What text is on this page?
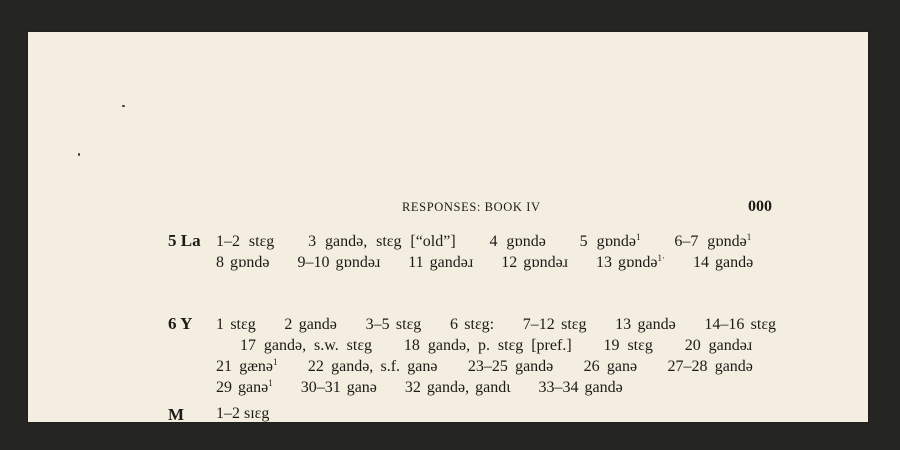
RESPONSES: BOOK IV	000
5 La 1–2 stɛg   3 gandə, stɛg [“old”]   4 gɒndə   5 gɒndə$^1$   6–7 gɒndə$^1$   8 gɒndə   9–10 gɒndəɹ   11 gandəɹ   12 gɒndəɹ   13 gɒndə$^{1\cdot}$   14 gandə
6 Y 1 stɛg   2 gandə   3–5 stɛg   6 stɛg:   7–12 stɛg   13 gandə   14–16 stɛg   17 gandə, s.w. stɛg   18 gandə, p. stɛg [pref.]   19 stɛg   20 gandəɹ   21 gænə$^1$   22 gandə, s.f. ganə   23–25 gandə   26 ganə   27–28 gandə   29 ganə$^1$   30–31 ganə   32 gandə, gandɩ   33–34 gandə
M 1–2 sɪɛg
